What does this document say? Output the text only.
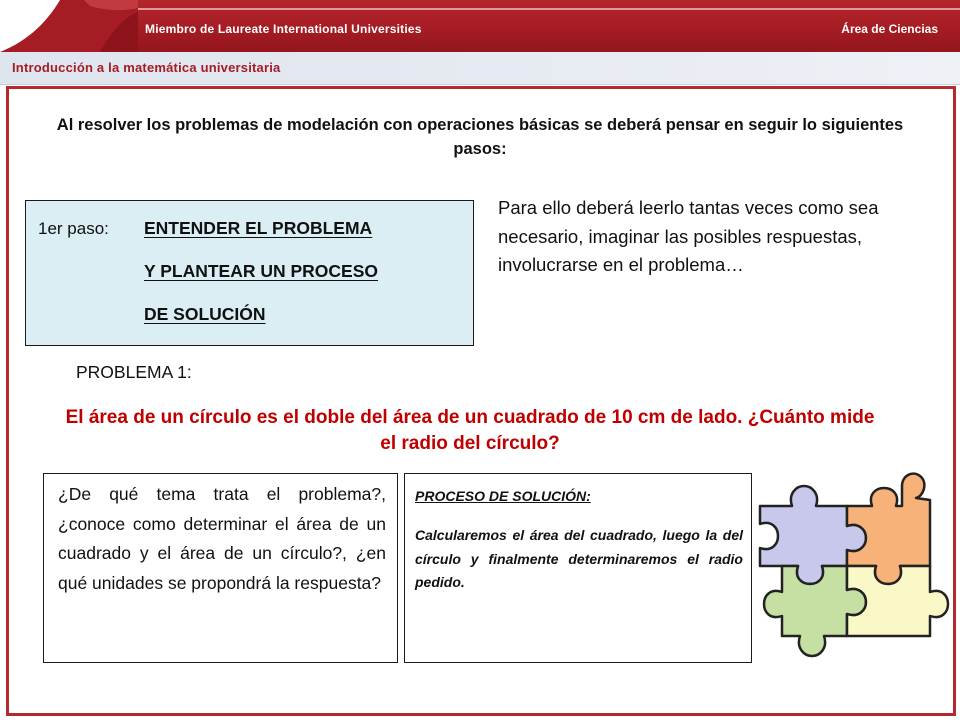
Miembro de Laureate International Universities	Área de Ciencias
Introducción a la matemática universitaria
Al resolver los problemas de modelación con operaciones básicas se deberá pensar en seguir lo siguientes pasos:
1er paso: ENTENDER EL PROBLEMA
Y PLANTEAR UN PROCESO
DE SOLUCIÓN
Para ello deberá leerlo tantas veces como sea necesario, imaginar las posibles respuestas, involucrarse en el problema…
PROBLEMA 1:
El área de un círculo es el doble del área de un cuadrado de 10 cm de lado. ¿Cuánto mide el radio del círculo?
¿De qué tema trata el problema?, ¿conoce como determinar el área de un cuadrado y el área de un círculo?, ¿en qué unidades se propondrá la respuesta?
PROCESO DE SOLUCIÓN:
Calcularemos el área del cuadrado, luego la del círculo y finalmente determinaremos el radio pedido.
